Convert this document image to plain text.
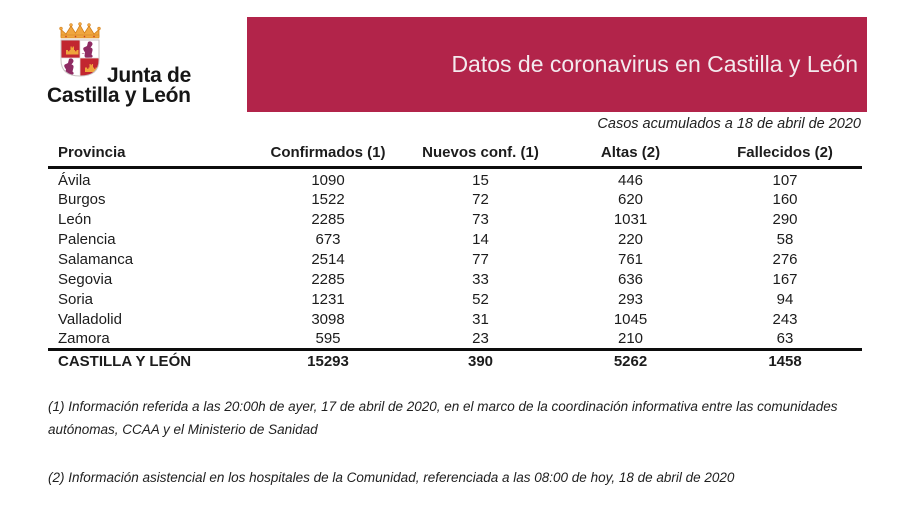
Junta de
Castilla y León
Datos de coronavirus en Castilla y León
Casos acumulados a 18 de abril de 2020
Provincia	Confirmados (1)	Nuevos conf. (1)	Altas (2)	Fallecidos (2)
Ávila	1090	15	446	107
Burgos	1522	72	620	160
León	2285	73	1031	290
Palencia	673	14	220	58
Salamanca	2514	77	761	276
Segovia	2285	33	636	167
Soria	1231	52	293	94
Valladolid	3098	31	1045	243
Zamora	595	23	210	63
CASTILLA Y LEÓN	15293	390	5262	1458

(1) Información referida a las 20:00h de ayer, 17 de abril de 2020, en el marco de la coordinación informativa entre las comunidades autónomas, CCAA y el Ministerio de Sanidad

(2) Información asistencial en los hospitales de la Comunidad, referenciada a las 08:00 de hoy, 18 de abril de 2020
